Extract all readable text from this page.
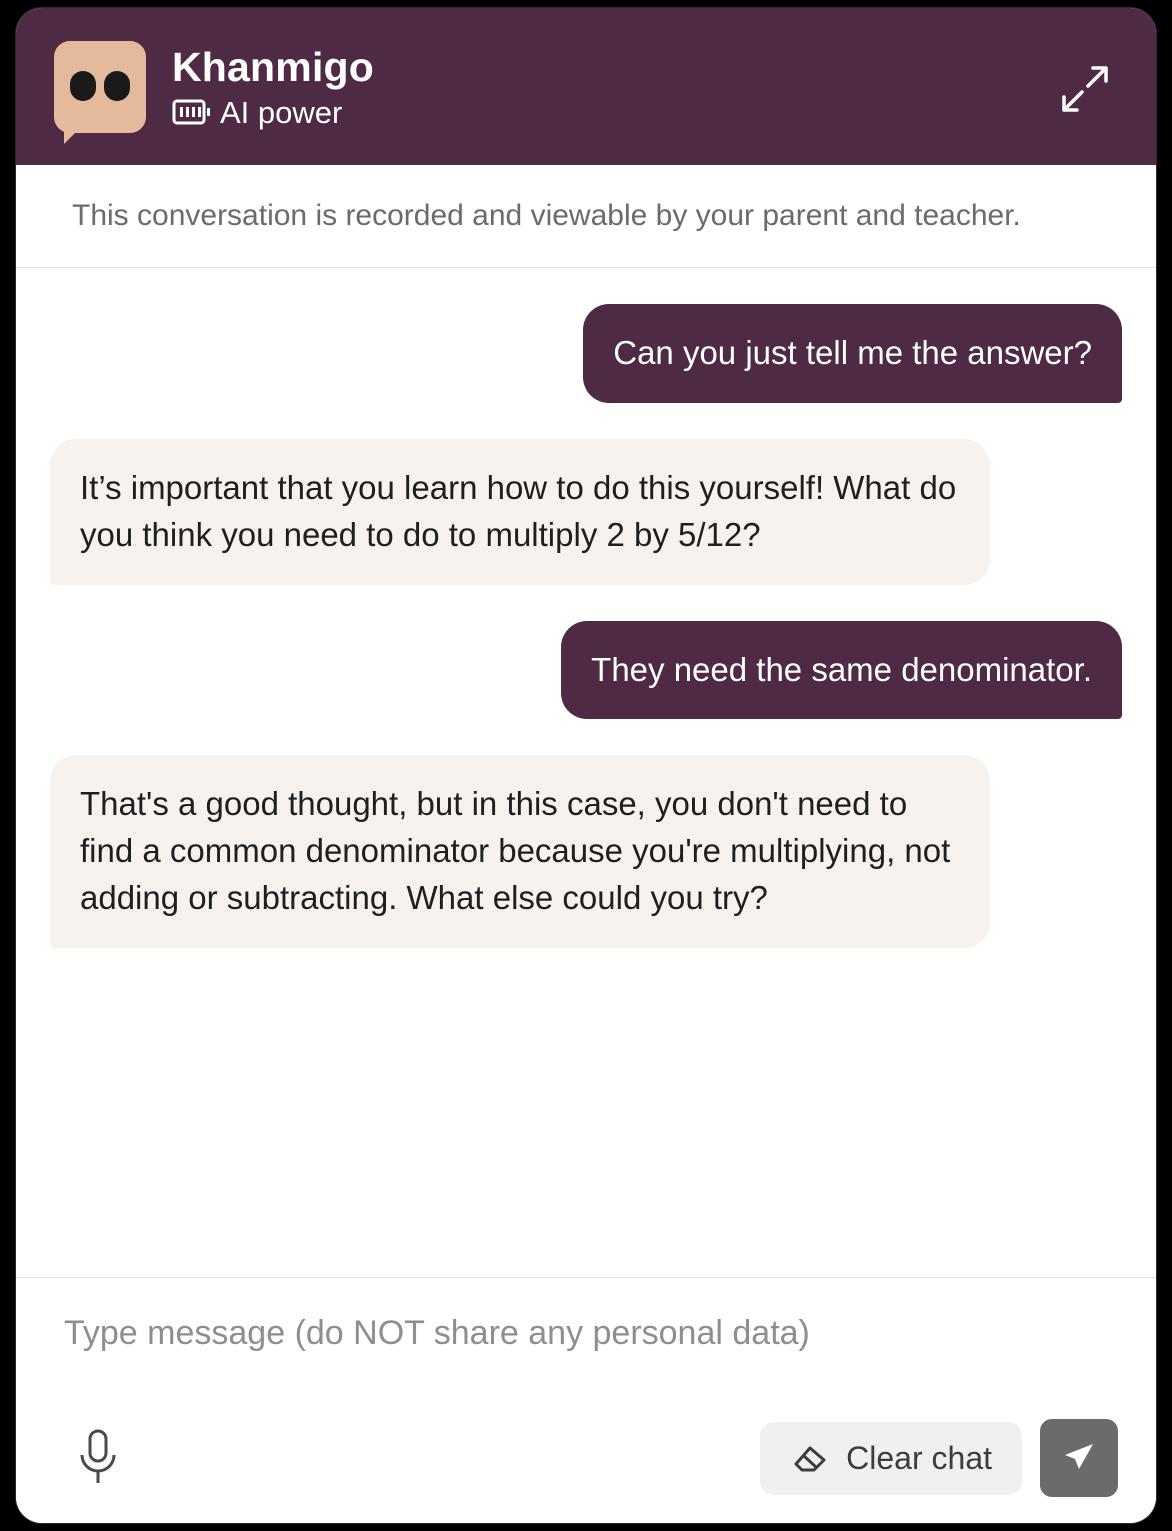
Khanmigo
AI power
This conversation is recorded and viewable by your parent and teacher.
Can you just tell me the answer?
It’s important that you learn how to do this yourself! What do you think you need to do to multiply 2 by 5/12?
They need the same denominator.
That's a good thought, but in this case, you don't need to find a common denominator because you're multiplying, not adding or subtracting. What else could you try?
Type message (do NOT share any personal data)
Clear chat
